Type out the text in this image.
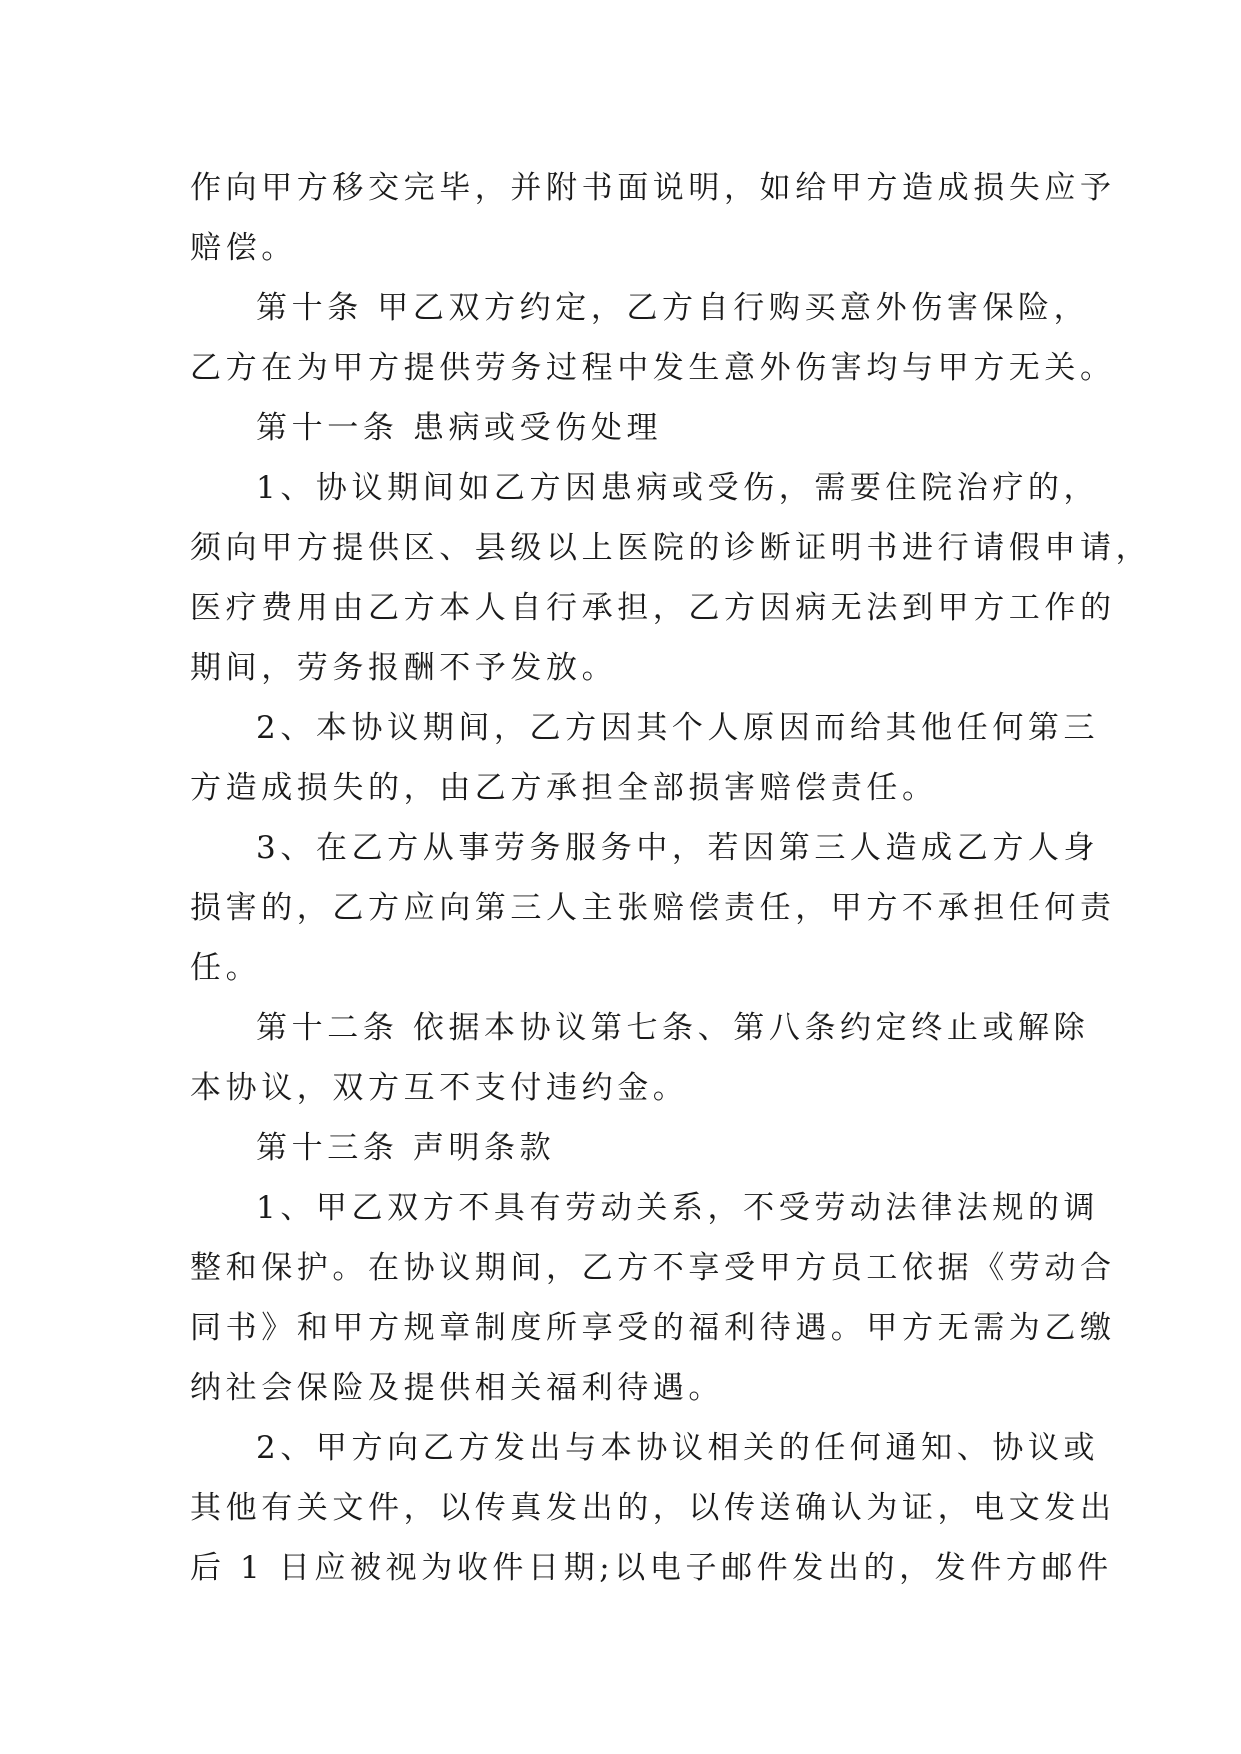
作向甲方移交完毕，并附书面说明，如给甲方造成损失应予
赔偿。
第十条 甲乙双方约定，乙方自行购买意外伤害保险，
乙方在为甲方提供劳务过程中发生意外伤害均与甲方无关。
第十一条 患病或受伤处理
1、协议期间如乙方因患病或受伤，需要住院治疗的，
须向甲方提供区、县级以上医院的诊断证明书进行请假申请，
医疗费用由乙方本人自行承担，乙方因病无法到甲方工作的
期间，劳务报酬不予发放。
2、本协议期间，乙方因其个人原因而给其他任何第三
方造成损失的，由乙方承担全部损害赔偿责任。
3、在乙方从事劳务服务中，若因第三人造成乙方人身
损害的，乙方应向第三人主张赔偿责任，甲方不承担任何责
任。
第十二条 依据本协议第七条、第八条约定终止或解除
本协议，双方互不支付违约金。
第十三条 声明条款
1、甲乙双方不具有劳动关系，不受劳动法律法规的调
整和保护。在协议期间，乙方不享受甲方员工依据《劳动合
同书》和甲方规章制度所享受的福利待遇。甲方无需为乙缴
纳社会保险及提供相关福利待遇。
2、甲方向乙方发出与本协议相关的任何通知、协议或
其他有关文件，以传真发出的，以传送确认为证，电文发出
后 1 日应被视为收件日期;以电子邮件发出的，发件方邮件
